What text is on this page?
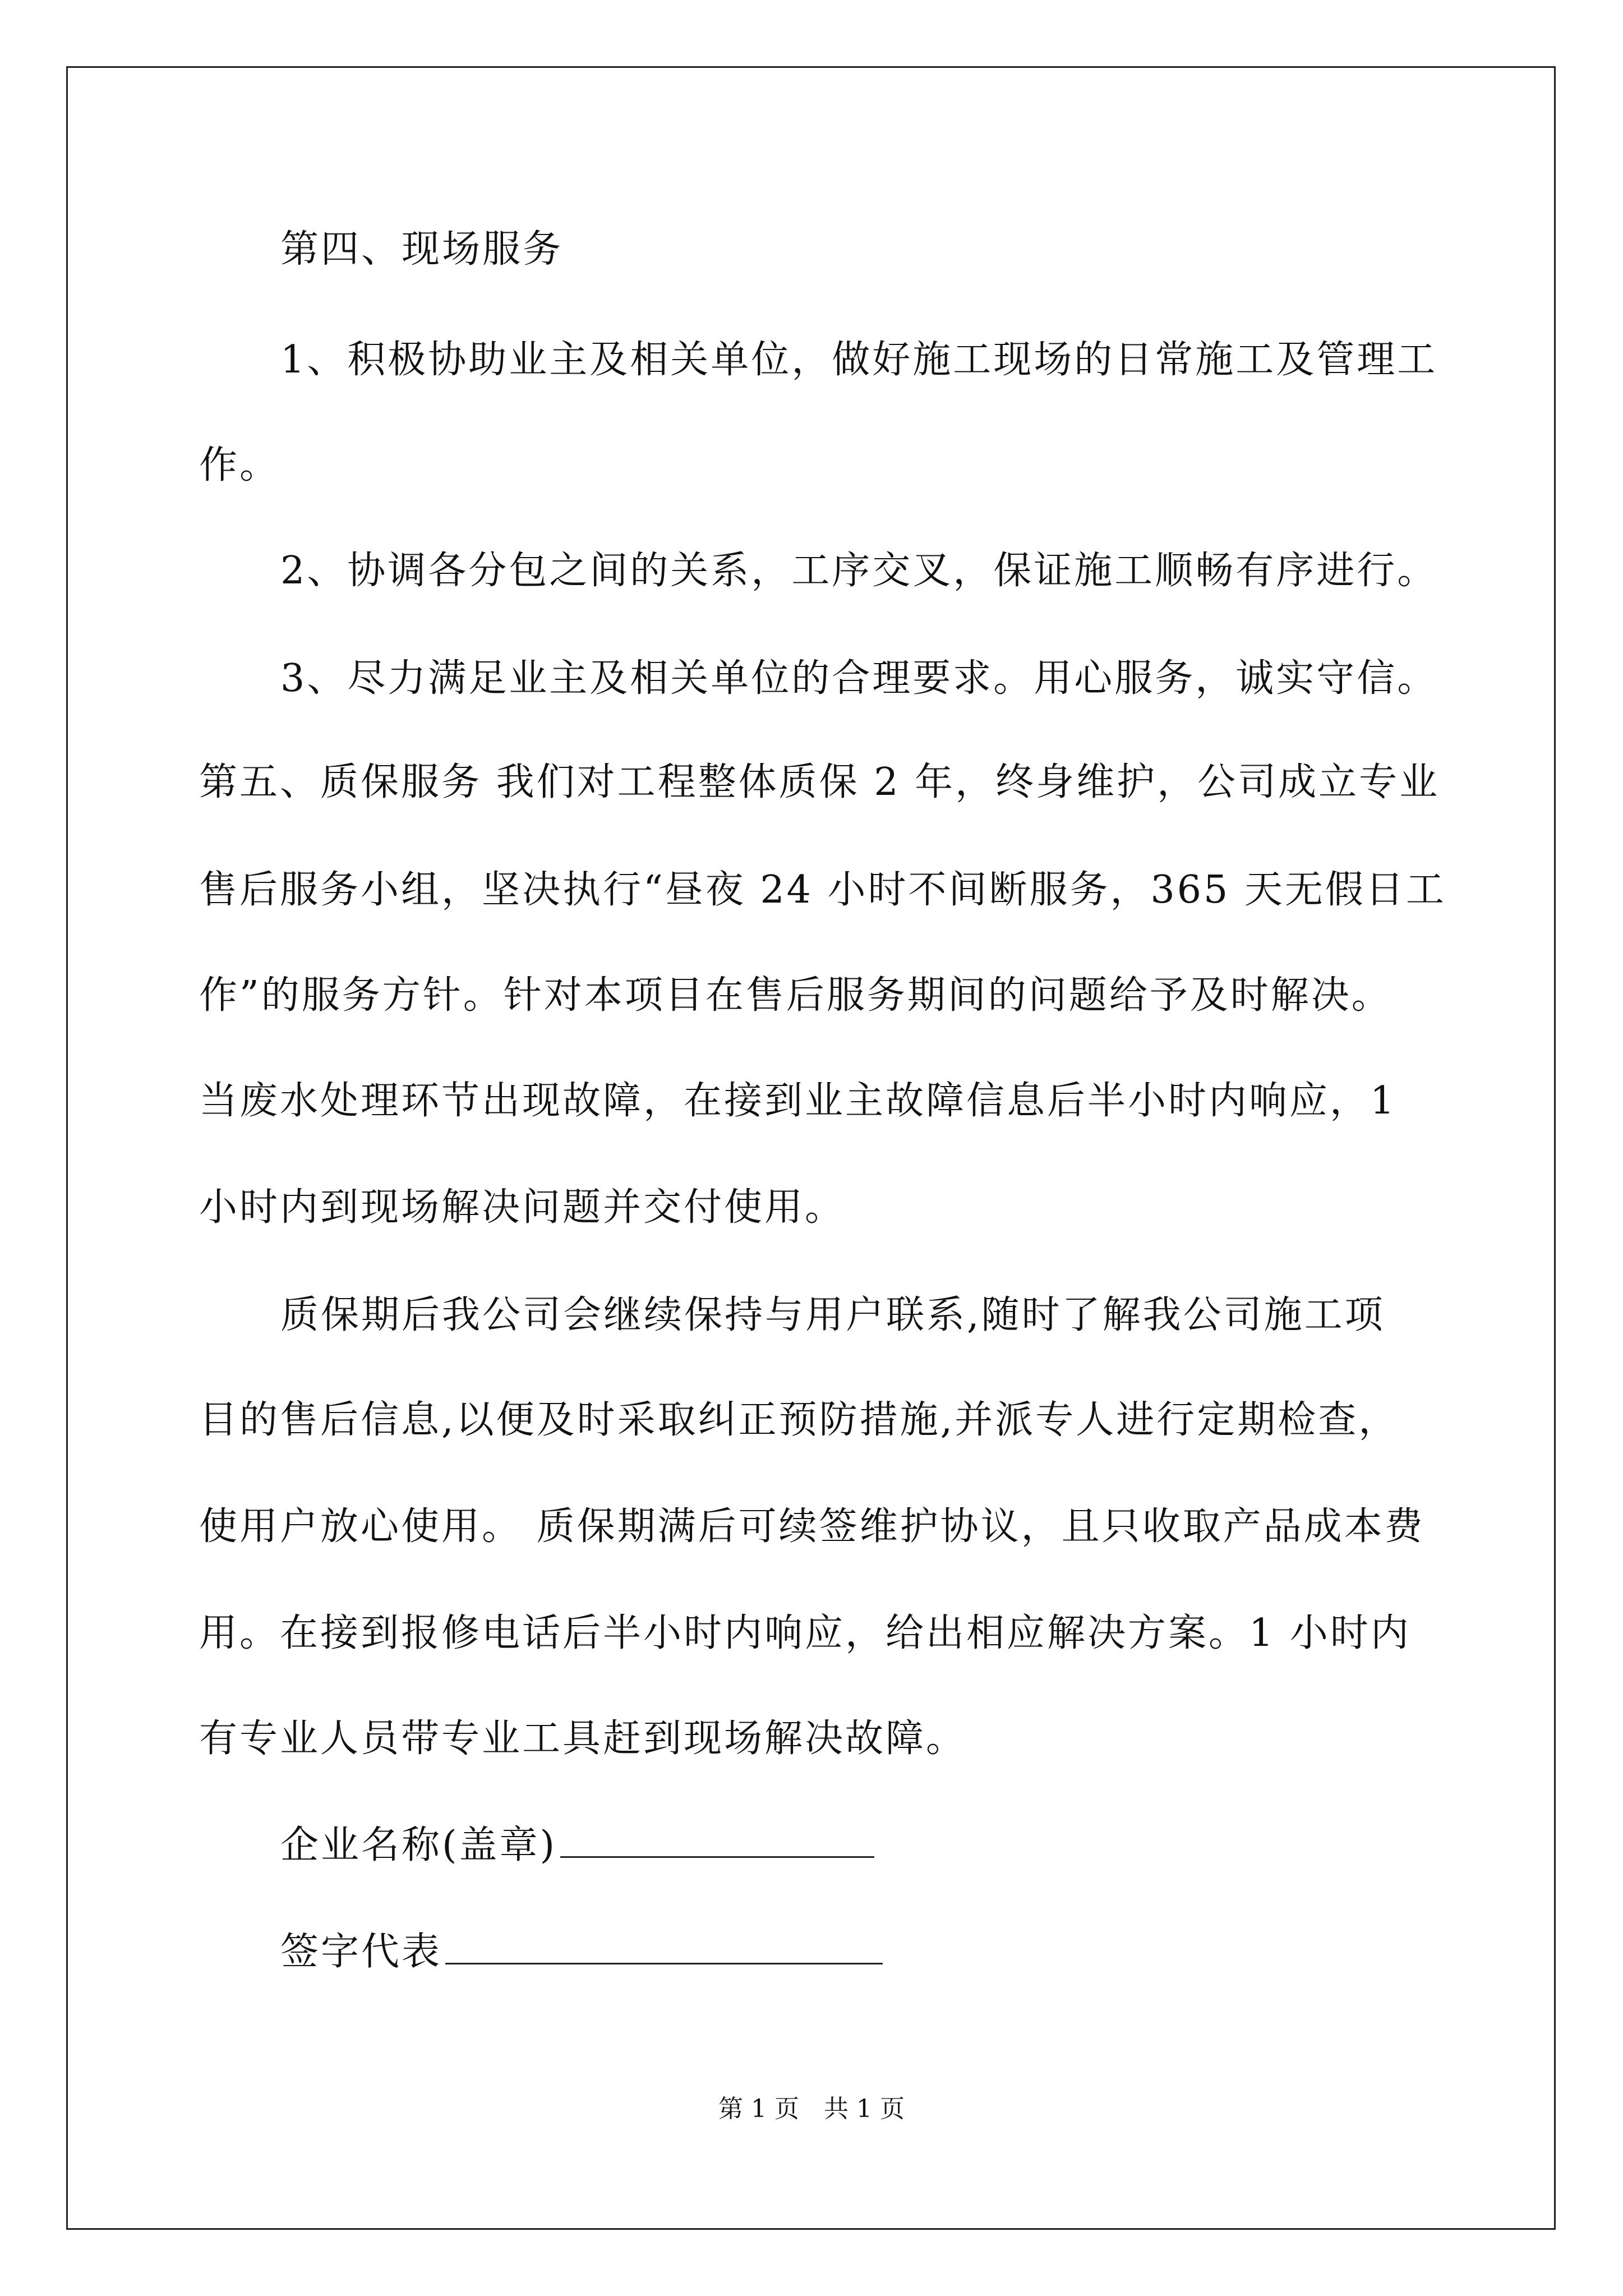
第四、现场服务
1、积极协助业主及相关单位，做好施工现场的日常施工及管理工
作。
2、协调各分包之间的关系，工序交叉，保证施工顺畅有序进行。
3、尽力满足业主及相关单位的合理要求。用心服务，诚实守信。
第五、质保服务 我们对工程整体质保 2 年，终身维护，公司成立专业
售后服务小组，坚决执行“昼夜 24 小时不间断服务，365 天无假日工
作”的服务方针。针对本项目在售后服务期间的问题给予及时解决。
当废水处理环节出现故障，在接到业主故障信息后半小时内响应，1
小时内到现场解决问题并交付使用。
质保期后我公司会继续保持与用户联系,随时了解我公司施工项
目的售后信息,以便及时采取纠正预防措施,并派专人进行定期检查，
使用户放心使用。 质保期满后可续签维护协议，且只收取产品成本费
用。在接到报修电话后半小时内响应，给出相应解决方案。1 小时内
有专业人员带专业工具赶到现场解决故障。
企业名称(盖章)
签字代表
第 1 页　共 1 页
